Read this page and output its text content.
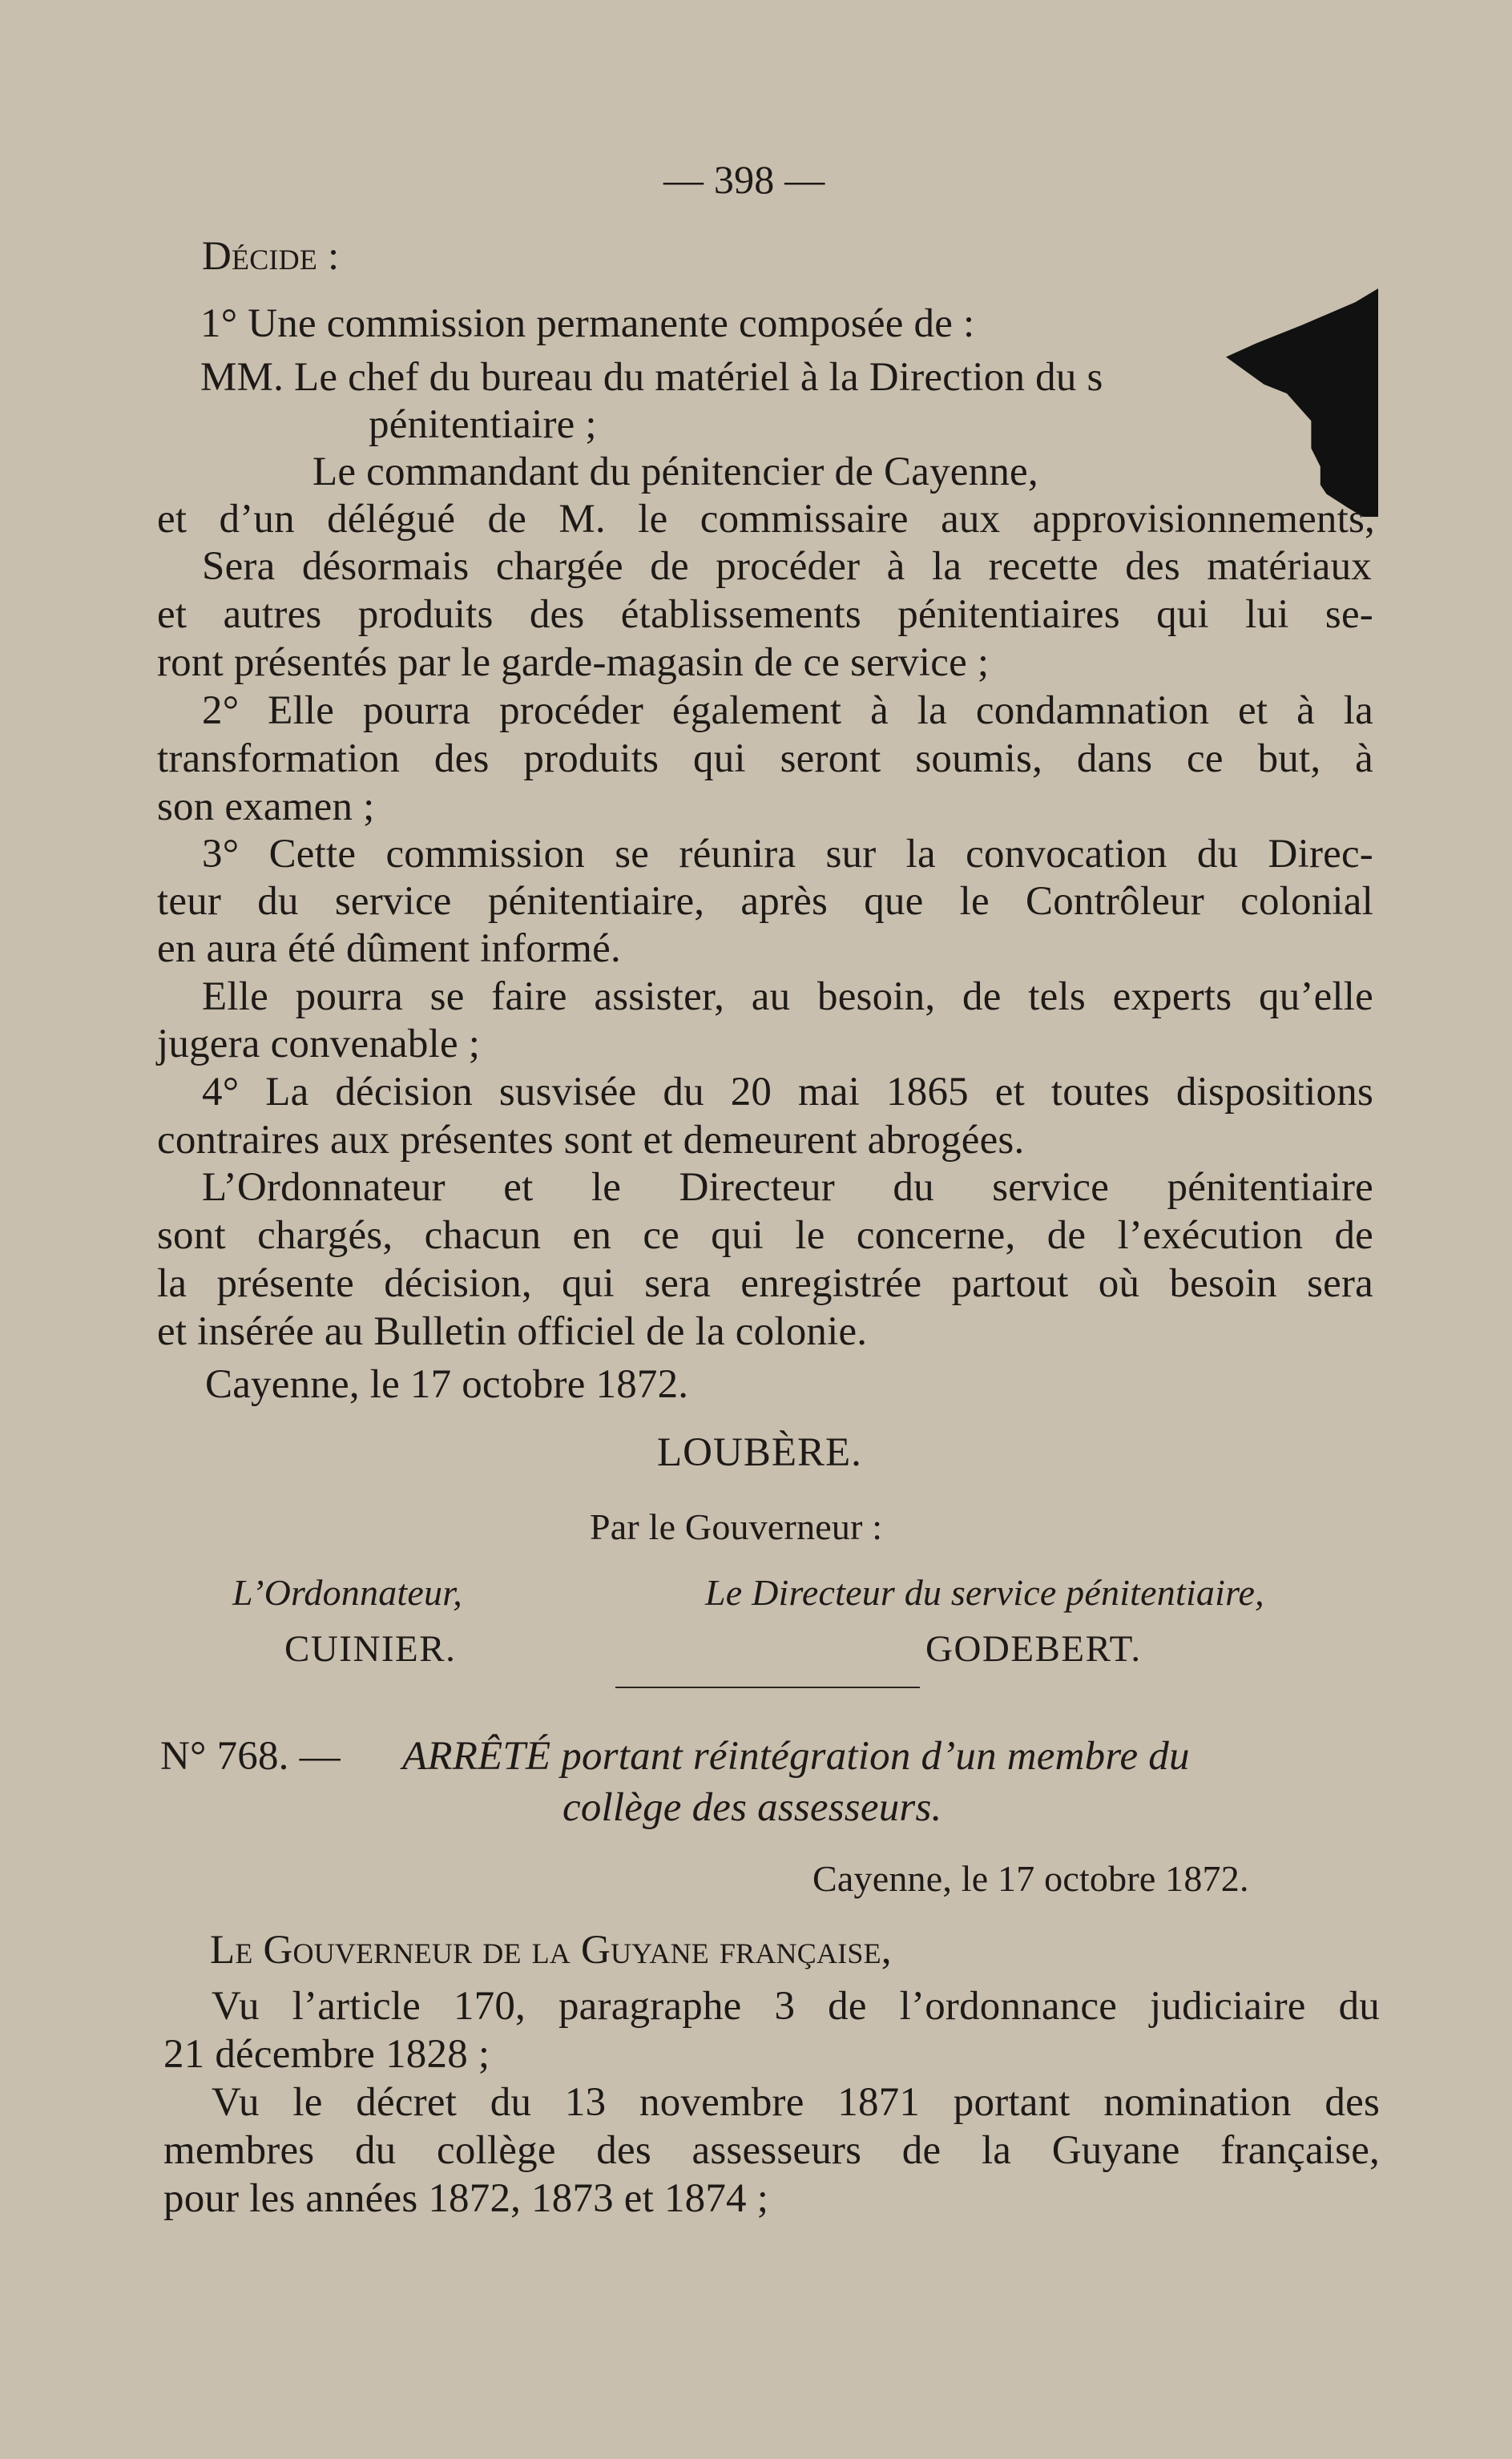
— 398 —
Décide :
1° Une commission permanente composée de :
MM. Le chef du bureau du matériel à la Direction du s
pénitentiaire ;
Le commandant du pénitencier de Cayenne,
et d’un délégué de M. le commissaire aux approvisionnements,
Sera désormais chargée de procéder à la recette des matériaux
et autres produits des établissements pénitentiaires qui lui se-
ront présentés par le garde-magasin de ce service ;
2° Elle pourra procéder également à la condamnation et à la
transformation des produits qui seront soumis, dans ce but, à
son examen ;
3° Cette commission se réunira sur la convocation du Direc-
teur du service pénitentiaire, après que le Contrôleur colonial
en aura été dûment informé.
Elle pourra se faire assister, au besoin, de tels experts qu’elle
jugera convenable ;
4° La décision susvisée du 20 mai 1865 et toutes dispositions
contraires aux présentes sont et demeurent abrogées.
L’Ordonnateur et le Directeur du service pénitentiaire
sont chargés, chacun en ce qui le concerne, de l’exécution de
la présente décision, qui sera enregistrée partout où besoin sera
et insérée au Bulletin officiel de la colonie.
Cayenne, le 17 octobre 1872.
LOUBÈRE.
Par le Gouverneur :
L’Ordonnateur,	Le Directeur du service pénitentiaire,
CUINIER.	GODEBERT.
N° 768. — ARRÊTÉ portant réintégration d’un membre du
collège des assesseurs.
Cayenne, le 17 octobre 1872.
Le Gouverneur de la Guyane française,
Vu l’article 170, paragraphe 3 de l’ordonnance judiciaire du
21 décembre 1828 ;
Vu le décret du 13 novembre 1871 portant nomination des
membres du collège des assesseurs de la Guyane française,
pour les années 1872, 1873 et 1874 ;
